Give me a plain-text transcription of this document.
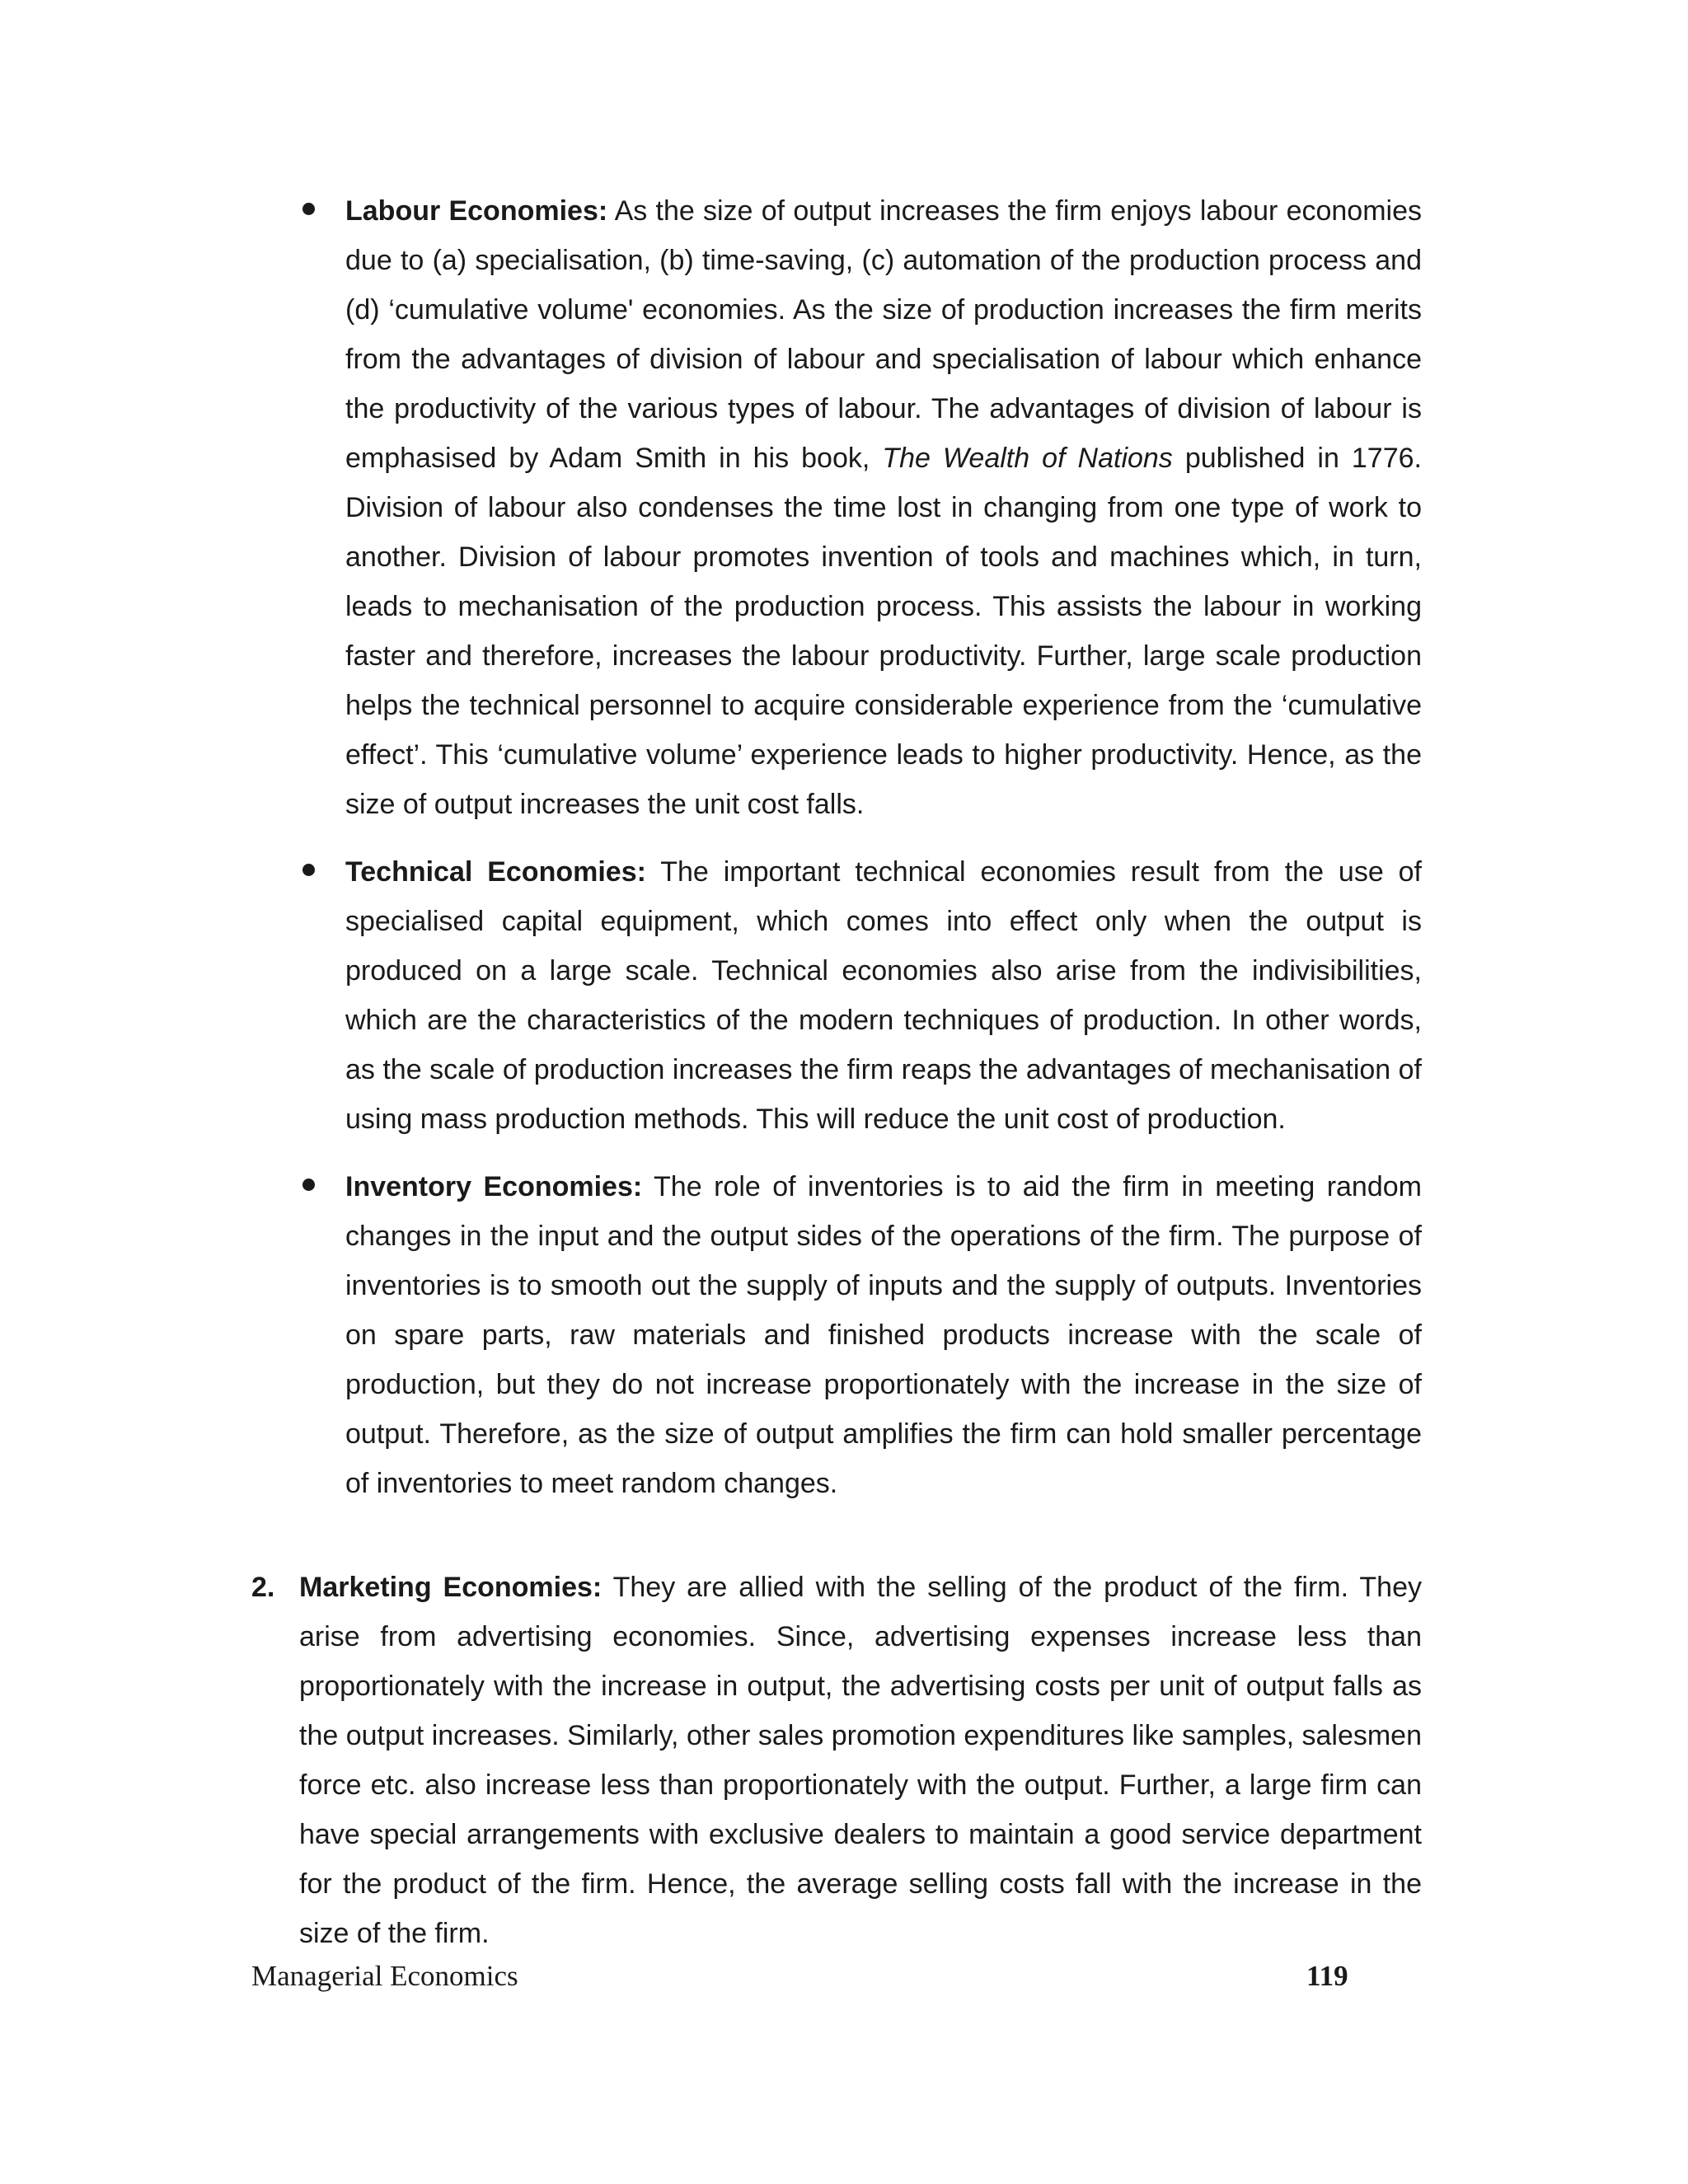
Labour Economies: As the size of output increases the firm enjoys labour economies due to (a) specialisation, (b) time-saving, (c) automation of the production process and (d) ‘cumulative volume' economies. As the size of production increases the firm merits from the advantages of division of labour and specialisation of labour which enhance the productivity of the various types of labour. The advantages of division of labour is emphasised by Adam Smith in his book, The Wealth of Nations published in 1776. Division of labour also condenses the time lost in changing from one type of work to another. Division of labour promotes invention of tools and machines which, in turn, leads to mechanisation of the production process. This assists the labour in working faster and therefore, increases the labour productivity. Further, large scale production helps the technical personnel to acquire considerable experience from the ‘cumulative effect’. This ‘cumulative volume’ experience leads to higher productivity. Hence, as the size of output increases the unit cost falls.

Technical Economies: The important technical economies result from the use of specialised capital equipment, which comes into effect only when the output is produced on a large scale. Technical economies also arise from the indivisibilities, which are the characteristics of the modern techniques of production. In other words, as the scale of production increases the firm reaps the advantages of mechanisation of using mass production methods. This will reduce the unit cost of production.

Inventory Economies: The role of inventories is to aid the firm in meeting random changes in the input and the output sides of the operations of the firm. The purpose of inventories is to smooth out the supply of inputs and the supply of outputs. Inventories on spare parts, raw materials and finished products increase with the scale of production, but they do not increase proportionately with the increase in the size of output. Therefore, as the size of output amplifies the firm can hold smaller percentage of inventories to meet random changes.

2. Marketing Economies: They are allied with the selling of the product of the firm. They arise from advertising economies. Since, advertising expenses increase less than proportionately with the increase in output, the advertising costs per unit of output falls as the output increases. Similarly, other sales promotion expenditures like samples, salesmen force etc. also increase less than proportionately with the output. Further, a large firm can have special arrangements with exclusive dealers to maintain a good service department for the product of the firm. Hence, the average selling costs fall with the increase in the size of the firm.

Managerial Economics	119
